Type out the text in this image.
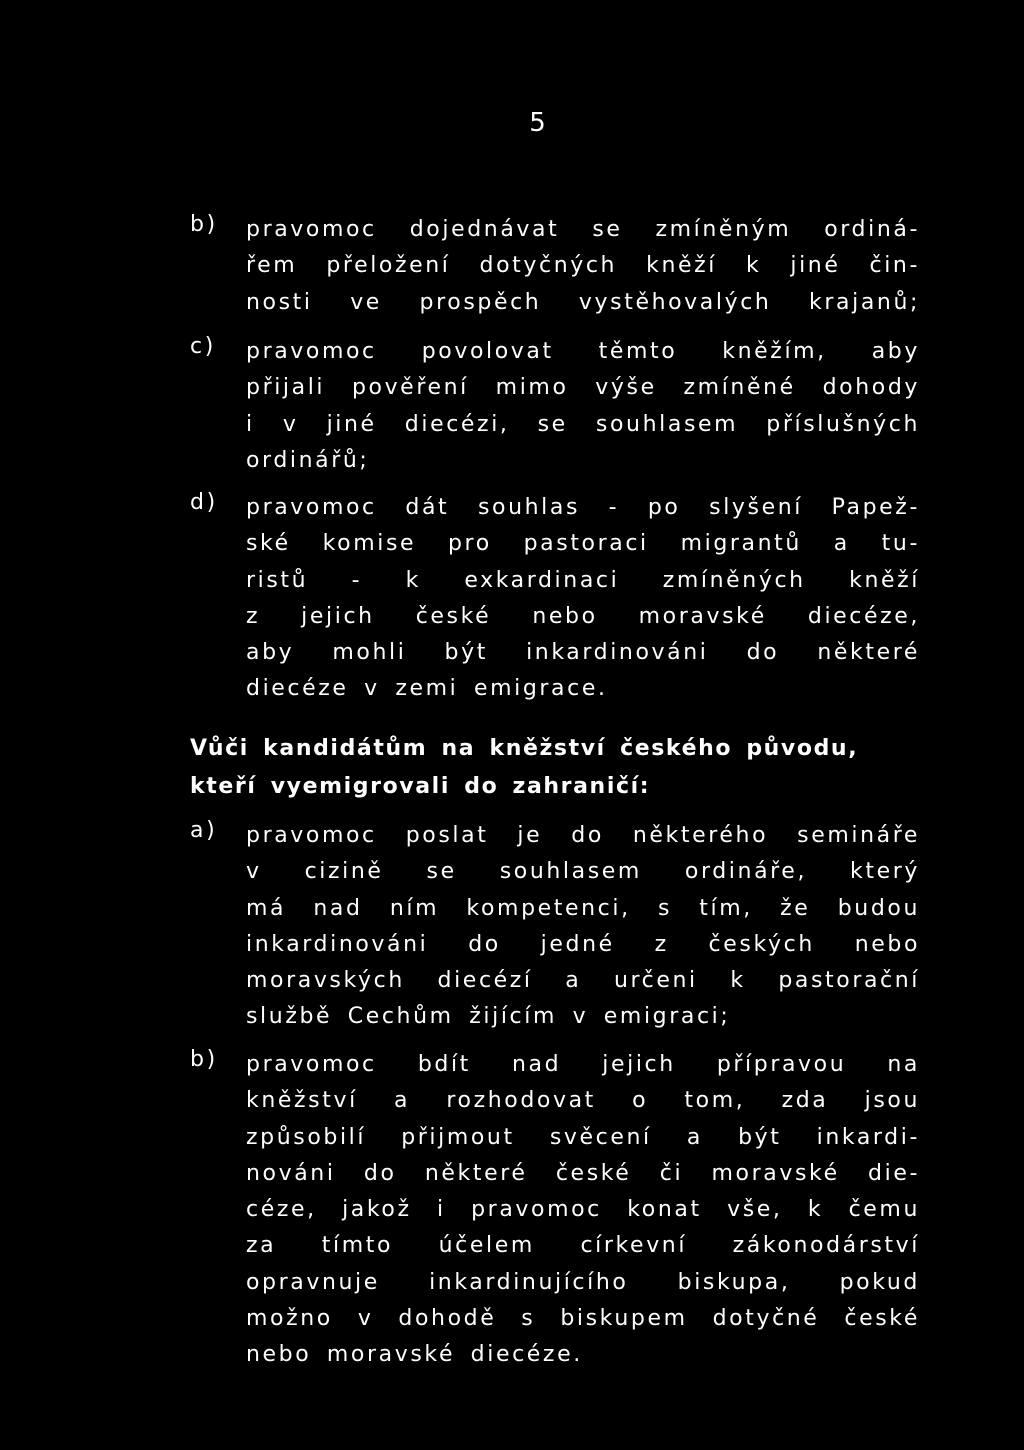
5
b) pravomoc dojednávat se zmíněným ordiná-
řem přeložení dotyčných kněží k jiné čin-
nosti ve prospěch vystěhovalých krajanů;
c) pravomoc povolovat těmto kněžím, aby
přijali pověření mimo výše zmíněné dohody
i v jiné diecézi, se souhlasem příslušných
ordinářů;
d) pravomoc dát souhlas - po slyšení Papež-
ské komise pro pastoraci migrantů a tu-
ristů - k exkardinaci zmíněných kněží
z jejich české nebo moravské diecéze,
aby mohli být inkardinováni do některé
diecéze v zemi emigrace.
Vůči kandidátům na kněžství českého původu,
kteří vyemigrovali do zahraničí:
a) pravomoc poslat je do některého semináře
v cizině se souhlasem ordináře, který
má nad ním kompetenci, s tím, že budou
inkardinováni do jedné z českých nebo
moravských diecézí a určeni k pastorační
službě Cechům žijícím v emigraci;
b) pravomoc bdít nad jejich přípravou na
kněžství a rozhodovat o tom, zda jsou
způsobilí přijmout svěcení a být inkardi-
nováni do některé české či moravské die-
céze, jakož i pravomoc konat vše, k čemu
za tímto účelem církevní zákonodárství
opravnuje inkardinujícího biskupa, pokud
možno v dohodě s biskupem dotyčné české
nebo moravské diecéze.
